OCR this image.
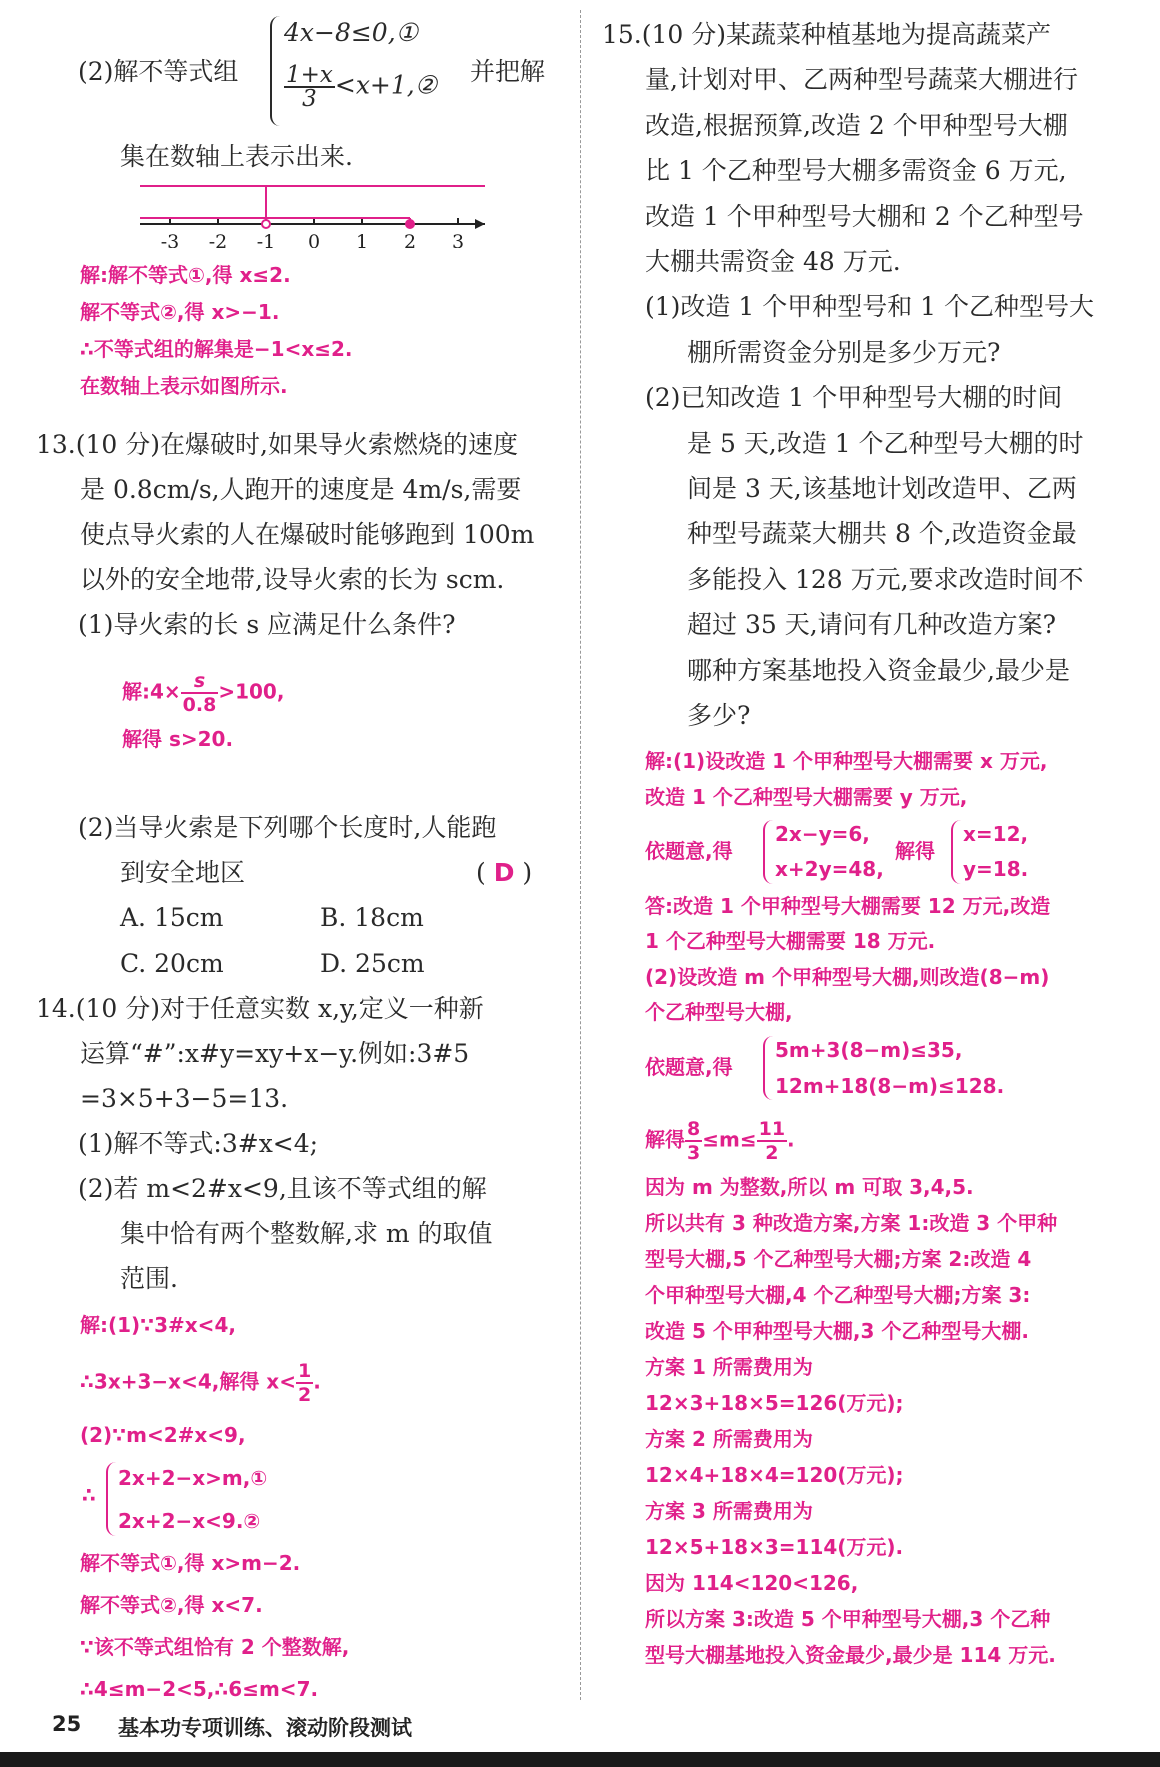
(2)解不等式组
4x−8≤0,①
$\frac{1+x}{3}$ <x+1,② 并把解
集在数轴上表示出来.
-3 -2 -1 0 1 2 3
解:解不等式①,得 x≤2.
解不等式②,得 x>−1.
∴不等式组的解集是−1<x≤2.
在数轴上表示如图所示.
13.(10 分)在爆破时,如果导火索燃烧的速度
是 0.8cm/s,人跑开的速度是 4m/s,需要
使点导火索的人在爆破时能够跑到 100m
以外的安全地带,设导火索的长为 scm.
(1)导火索的长 s 应满足什么条件?
解:4× $\frac{s}{0.8} >100$,
解得 s>20.
(2)当导火索是下列哪个长度时,人能跑
到安全地区	( D )
A. 15cm	B. 18cm
C. 20cm	D. 25cm
14.(10 分)对于任意实数 x,y,定义一种新
运算“#”:x#y=xy+x−y.例如:3#5
=3×5+3−5=13.
(1)解不等式:3#x<4;
(2)若 m<2#x<9,且该不等式组的解
集中恰有两个整数解,求 m 的取值
范围.
解:(1)∵3#x<4,
∴3x+3−x<4,解得 $x< \frac{1}{2}$ .
(2)∵m<2#x<9,
∴
2x+2−x>m,①
2x+2−x<9.②
解不等式①,得 x>m−2.
解不等式②,得 x<7.
∵该不等式组恰有 2 个整数解,
∴4≤m−2<5,∴6≤m<7.
15.(10 分)某蔬菜种植基地为提高蔬菜产
量,计划对甲、乙两种型号蔬菜大棚进行
改造,根据预算,改造 2 个甲种型号大棚
比 1 个乙种型号大棚多需资金 6 万元,
改造 1 个甲种型号大棚和 2 个乙种型号
大棚共需资金 48 万元.
(1)改造 1 个甲种型号和 1 个乙种型号大
棚所需资金分别是多少万元?
(2)已知改造 1 个甲种型号大棚的时间
是 5 天,改造 1 个乙种型号大棚的时
间是 3 天,该基地计划改造甲、乙两
种型号蔬菜大棚共 8 个,改造资金最
多能投入 128 万元,要求改造时间不
超过 35 天,请问有几种改造方案?
哪种方案基地投入资金最少,最少是
多少?
解:(1)设改造 1 个甲种型号大棚需要 x 万元,
改造 1 个乙种型号大棚需要 y 万元,
依题意,得
2x−y=6,
x+2y=48,
解得
x=12,
y=18.
答:改造 1 个甲种型号大棚需要 12 万元,改造
1 个乙种型号大棚需要 18 万元.
(2)设改造 m 个甲种型号大棚,则改造(8−m)
个乙种型号大棚,
依题意,得
5m+3(8−m)≤35,
12m+18(8−m)≤128.
解得 $\frac{8}{3} \le m\le \frac{11}{2}$ .
因为 m 为整数,所以 m 可取 3,4,5.
所以共有 3 种改造方案,方案 1:改造 3 个甲种
型号大棚,5 个乙种型号大棚;方案 2:改造 4
个甲种型号大棚,4 个乙种型号大棚;方案 3:
改造 5 个甲种型号大棚,3 个乙种型号大棚.
方案 1 所需费用为
12×3+18×5=126(万元);
方案 2 所需费用为
12×4+18×4=120(万元);
方案 3 所需费用为
12×5+18×3=114(万元).
因为 114<120<126,
所以方案 3:改造 5 个甲种型号大棚,3 个乙种
型号大棚基地投入资金最少,最少是 114 万元.
25 基本功专项训练、滚动阶段测试
